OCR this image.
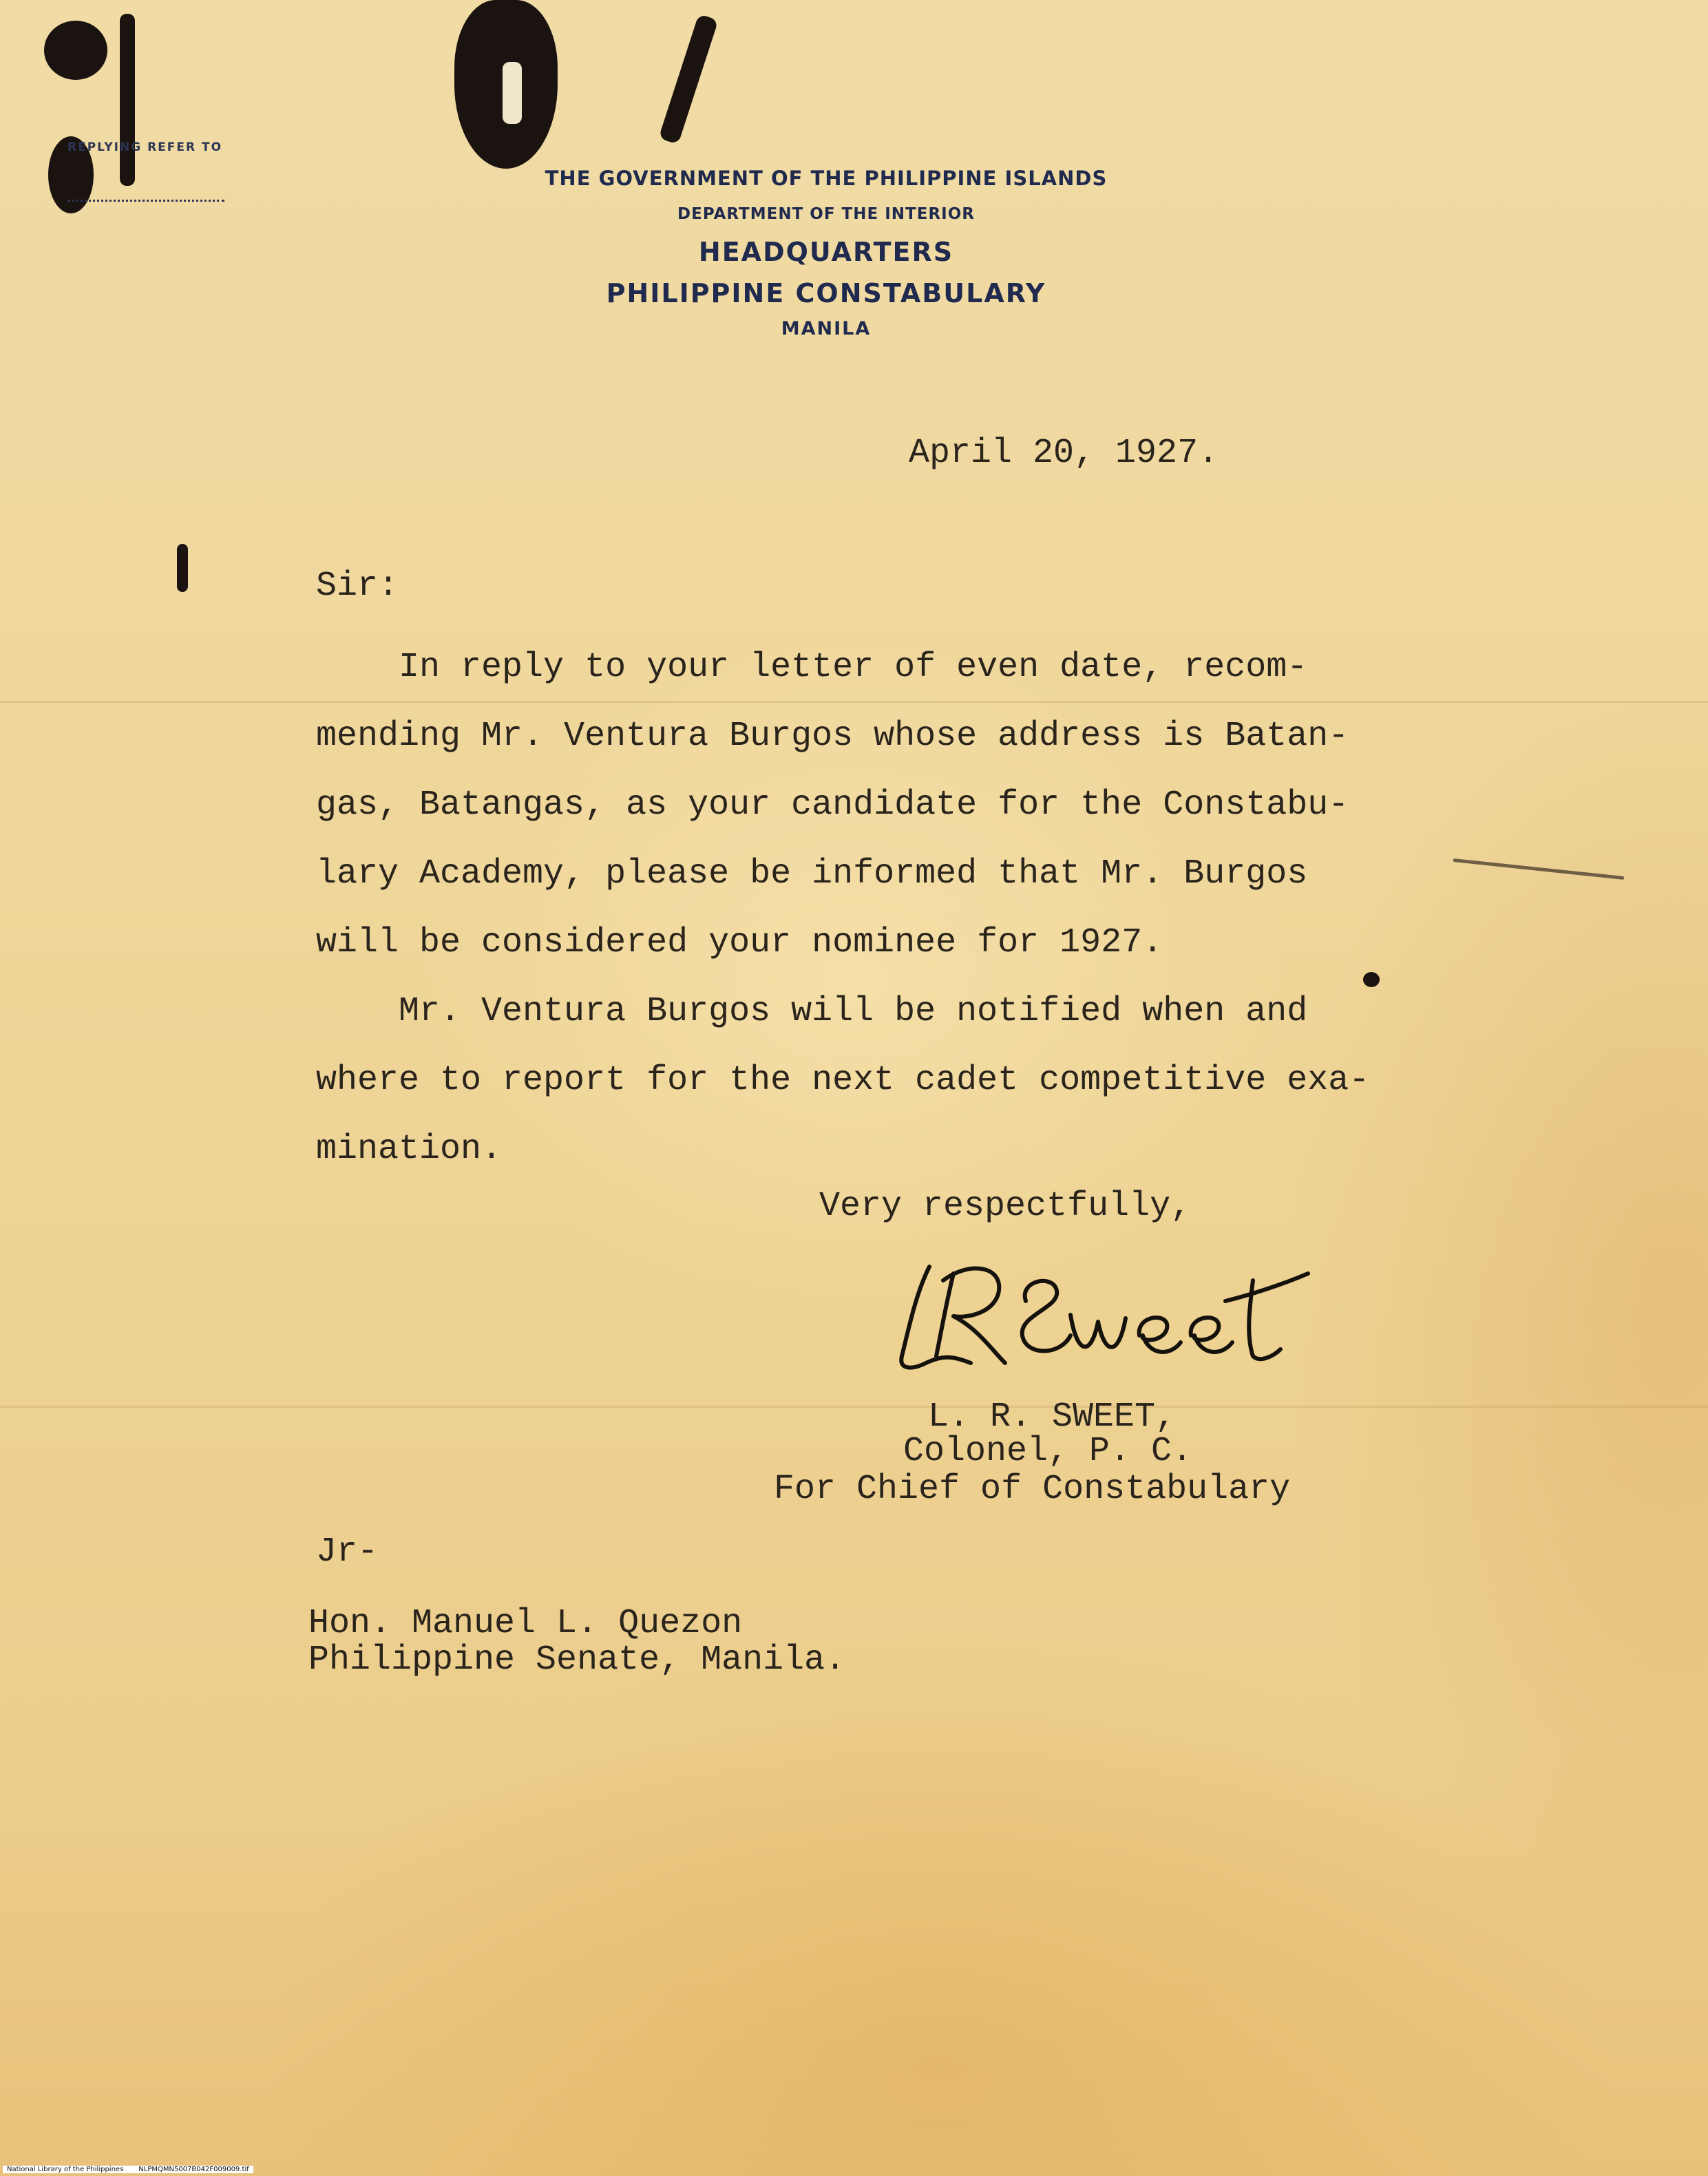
REPLYING REFER TO
THE GOVERNMENT OF THE PHILIPPINE ISLANDS
DEPARTMENT OF THE INTERIOR
HEADQUARTERS
PHILIPPINE CONSTABULARY
MANILA
April 20, 1927.
Sir:
In reply to your letter of even date, recom-
mending Mr. Ventura Burgos whose address is Batan-
gas, Batangas, as your candidate for the Constabu-
lary Academy, please be informed that Mr. Burgos
will be considered your nominee for 1927.
Mr. Ventura Burgos will be notified when and
where to report for the next cadet competitive exa-
mination.
Very respectfully,
L. R. SWEET,
Colonel, P. C.
For Chief of Constabulary
Jr-
Hon. Manuel L. Quezon
Philippine Senate, Manila.
National Library of the Philippines NLPMQMN5007B042F009009.tif
